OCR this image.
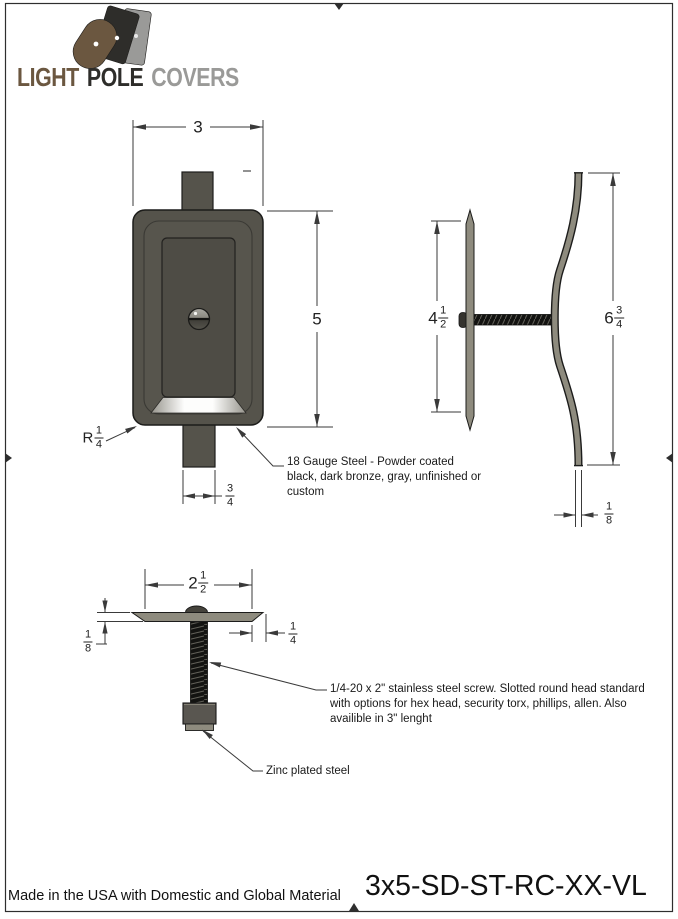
LIGHT POLE COVERS
3
5
$\frac{3}{4}$
R $\frac{1}{4}$
$4 \frac{1}{2}$	$6 \frac{3}{4}$
$\frac{1}{8}$
$2 \frac{1}{2}$
$\frac{1}{4}$
$\frac{1}{8}$
18 Gauge Steel - Powder coated
black, dark bronze, gray, unfinished or
custom
1/4-20 x 2" stainless steel screw. Slotted round head standard
with options for hex head, security torx, phillips, allen. Also
availible in 3" lenght
Zinc plated steel
Made in the USA with Domestic and Global Material 3x5-SD-ST-RC-XX-VL
